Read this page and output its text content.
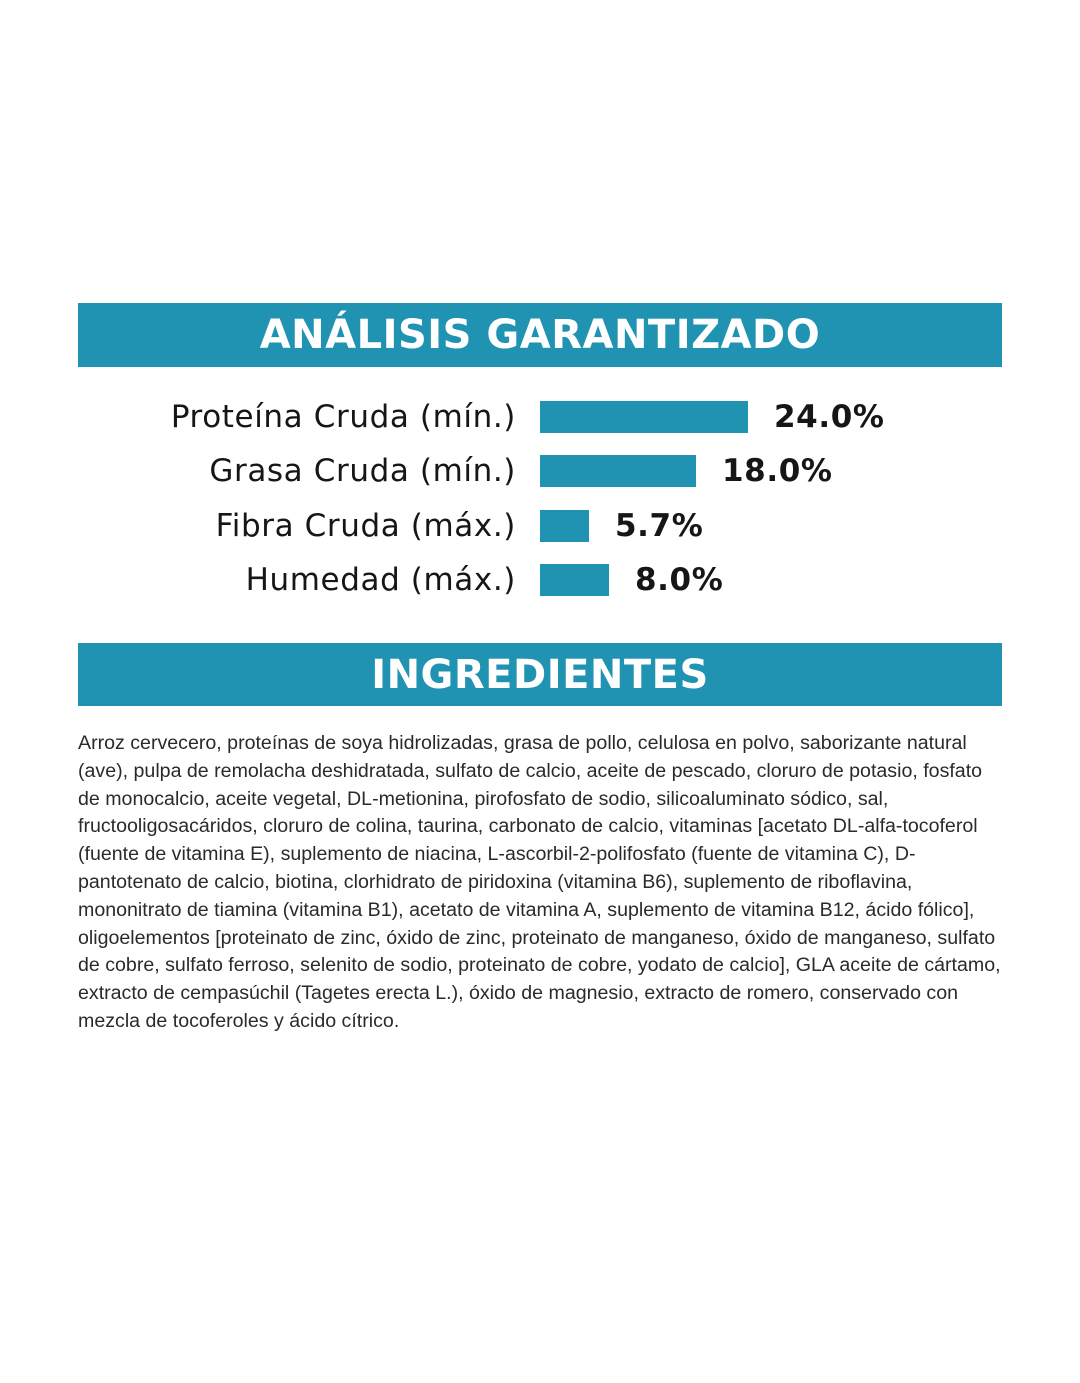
ANÁLISIS GARANTIZADO
Proteína Cruda (mín.)	24.0%
Grasa Cruda (mín.)	18.0%
Fibra Cruda (máx.)	5.7%
Humedad (máx.)	8.0%
INGREDIENTES

Arroz cervecero, proteínas de soya hidrolizadas, grasa de pollo, celulosa en polvo, saborizante natural (ave), pulpa de remolacha deshidratada, sulfato de calcio, aceite de pescado, cloruro de potasio, fosfato de monocalcio, aceite vegetal, DL-metionina, pirofosfato de sodio, silicoaluminato sódico, sal, fructooligosacáridos, cloruro de colina, taurina, carbonato de calcio, vitaminas [acetato DL-alfa-tocoferol (fuente de vitamina E), suplemento de niacina, L-ascorbil-2-polifosfato (fuente de vitamina C), D-pantotenato de calcio, biotina, clorhidrato de piridoxina (vitamina B6), suplemento de riboflavina, mononitrato de tiamina (vitamina B1), acetato de vitamina A, suplemento de vitamina B12, ácido fólico], oligoelementos [proteinato de zinc, óxido de zinc, proteinato de manganeso, óxido de manganeso, sulfato de cobre, sulfato ferroso, selenito de sodio, proteinato de cobre, yodato de calcio], GLA aceite de cártamo, extracto de cempasúchil (Tagetes erecta L.), óxido de magnesio, extracto de romero, conservado con mezcla de tocoferoles y ácido cítrico.
